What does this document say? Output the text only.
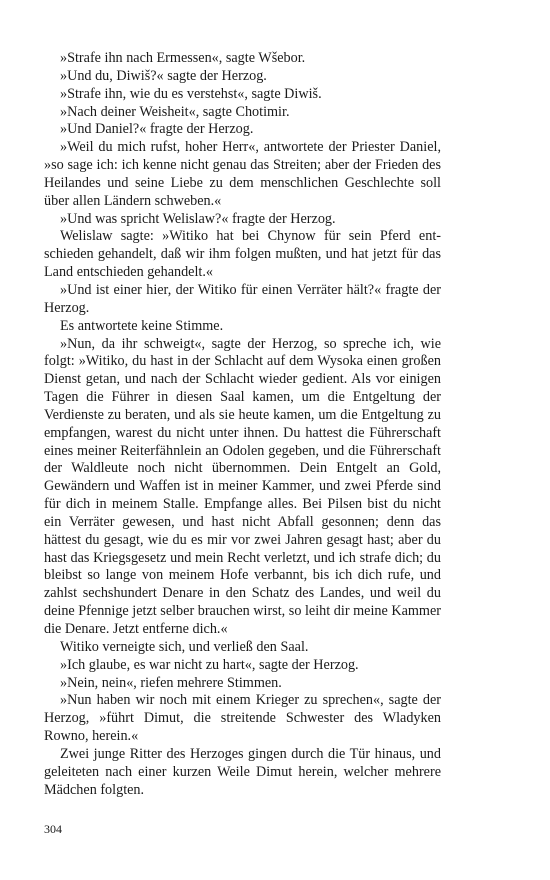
»Strafe ihn nach Ermessen«, sagte Wšebor.

»Und du, Diwiš?« sagte der Herzog.

»Strafe ihn, wie du es verstehst«, sagte Diwiš.

»Nach deiner Weisheit«, sagte Chotimir.

»Und Daniel?« fragte der Herzog.

»Weil du mich rufst, hoher Herr«, antwortete der Priester Daniel, »so sage ich: ich kenne nicht genau das Streiten; aber der Frieden des Heilandes und seine Liebe zu dem menschlichen Geschlechte soll über allen Ländern schweben.«

»Und was spricht Welislaw?« fragte der Herzog.

Welislaw sagte: »Witiko hat bei Chynow für sein Pferd entschieden gehandelt, daß wir ihm folgen mußten, und hat jetzt für das Land entschieden gehandelt.«

»Und ist einer hier, der Witiko für einen Verräter hält?« fragte der Herzog.

Es antwortete keine Stimme.

»Nun, da ihr schweigt«, sagte der Herzog, so spreche ich, wie folgt: »Witiko, du hast in der Schlacht auf dem Wysoka einen großen Dienst getan, und nach der Schlacht wieder gedient. Als vor einigen Tagen die Führer in diesen Saal kamen, um die Entgeltung der Verdienste zu beraten, und als sie heute kamen, um die Entgeltung zu empfangen, warest du nicht unter ihnen. Du hattest die Führerschaft eines meiner Reiterfähnlein an Odolen gegeben, und die Führerschaft der Waldleute noch nicht übernommen. Dein Entgelt an Gold, Gewändern und Waffen ist in meiner Kammer, und zwei Pferde sind für dich in meinem Stalle. Empfange alles. Bei Pilsen bist du nicht ein Verräter gewesen, und hast nicht Abfall gesonnen; denn das hättest du gesagt, wie du es mir vor zwei Jahren gesagt hast; aber du hast das Kriegsgesetz und mein Recht verletzt, und ich strafe dich; du bleibst so lange von meinem Hofe verbannt, bis ich dich rufe, und zahlst sechshundert Denare in den Schatz des Landes, und weil du deine Pfennige jetzt selber brauchen wirst, so leiht dir meine Kammer die Denare. Jetzt entferne dich.«

Witiko verneigte sich, und verließ den Saal.

»Ich glaube, es war nicht zu hart«, sagte der Herzog.

»Nein, nein«, riefen mehrere Stimmen.

»Nun haben wir noch mit einem Krieger zu sprechen«, sagte der Herzog, »führt Dimut, die streitende Schwester des Wladyken Rowno, herein.«

Zwei junge Ritter des Herzoges gingen durch die Tür hinaus, und geleiteten nach einer kurzen Weile Dimut herein, welcher mehrere Mädchen folgten.

304
